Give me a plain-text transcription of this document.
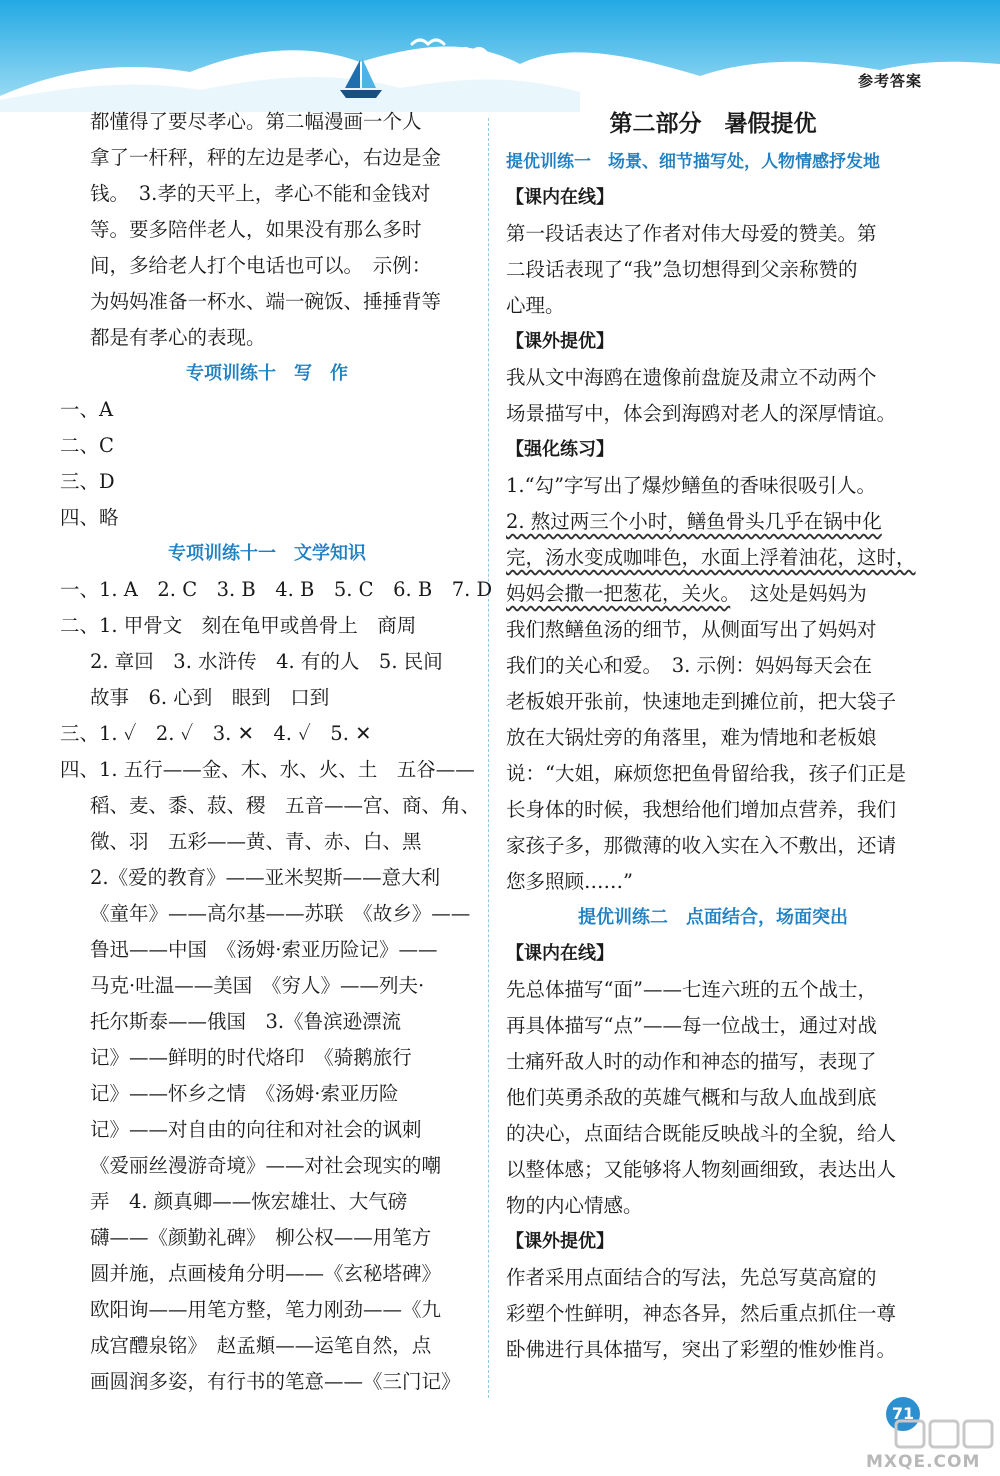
参考答案
都懂得了要尽孝心。第二幅漫画一个人
拿了一杆秤，秤的左边是孝心，右边是金
钱。　3.孝的天平上，孝心不能和金钱对
等。要多陪伴老人，如果没有那么多时
间，多给老人打个电话也可以。　示例：
为妈妈准备一杯水、端一碗饭、捶捶背等
都是有孝心的表现。
专项训练十　写　作
一、A
二、C
三、D
四、略
专项训练十一　文学知识
一、1. A　2. C　3. B　4. B　5. C　6. B　7. D
二、1. 甲骨文　刻在龟甲或兽骨上　商周
2. 章回　3. 水浒传　4. 有的人　5. 民间
故事　6. 心到　眼到　口到
三、1. ✓　2. ✓　3. ✕　4. ✓　5. ✕
四、1. 五行——金、木、水、火、土　五谷——
稻、麦、黍、菽、稷　五音——宫、商、角、
徵、羽　五彩——黄、青、赤、白、黑
2.《爱的教育》——亚米契斯——意大利
《童年》——高尔基——苏联　《故乡》——
鲁迅——中国　《汤姆·索亚历险记》——
马克·吐温——美国　《穷人》——列夫·
托尔斯泰——俄国　3.《鲁滨逊漂流
记》——鲜明的时代烙印　《骑鹅旅行
记》——怀乡之情　《汤姆·索亚历险
记》——对自由的向往和对社会的讽刺
《爱丽丝漫游奇境》——对社会现实的嘲
弄　4. 颜真卿——恢宏雄壮、大气磅
礴——《颜勤礼碑》　柳公权——用笔方
圆并施，点画棱角分明——《玄秘塔碑》
欧阳询——用笔方整，笔力刚劲——《九
成宫醴泉铭》　赵孟頫——运笔自然，点
画圆润多姿，有行书的笔意——《三门记》
第二部分　暑假提优
提优训练一　场景、细节描写处，人物情感抒发地
【课内在线】
第一段话表达了作者对伟大母爱的赞美。第
二段话表现了“我”急切想得到父亲称赞的
心理。
【课外提优】
我从文中海鸥在遗像前盘旋及肃立不动两个
场景描写中，体会到海鸥对老人的深厚情谊。
【强化练习】
1.“勾”字写出了爆炒鳝鱼的香味很吸引人。
2. 熬过两三个小时，鳝鱼骨头几乎在锅中化
完，汤水变成咖啡色，水面上浮着油花，这时，
妈妈会撒一把葱花，关火。　这处是妈妈为
我们熬鳝鱼汤的细节，从侧面写出了妈妈对
我们的关心和爱。　3. 示例：妈妈每天会在
老板娘开张前，快速地走到摊位前，把大袋子
放在大锅灶旁的角落里，难为情地和老板娘
说：“大姐，麻烦您把鱼骨留给我，孩子们正是
长身体的时候，我想给他们增加点营养，我们
家孩子多，那微薄的收入实在入不敷出，还请
您多照顾……”
提优训练二　点面结合，场面突出
【课内在线】
先总体描写“面”——七连六班的五个战士，
再具体描写“点”——每一位战士，通过对战
士痛歼敌人时的动作和神态的描写，表现了
他们英勇杀敌的英雄气概和与敌人血战到底
的决心，点面结合既能反映战斗的全貌，给人
以整体感；又能够将人物刻画细致，表达出人
物的内心情感。
【课外提优】
作者采用点面结合的写法，先总写莫高窟的
彩塑个性鲜明，神态各异，然后重点抓住一尊
卧佛进行具体描写，突出了彩塑的惟妙惟肖。
71
MXQE.COM
